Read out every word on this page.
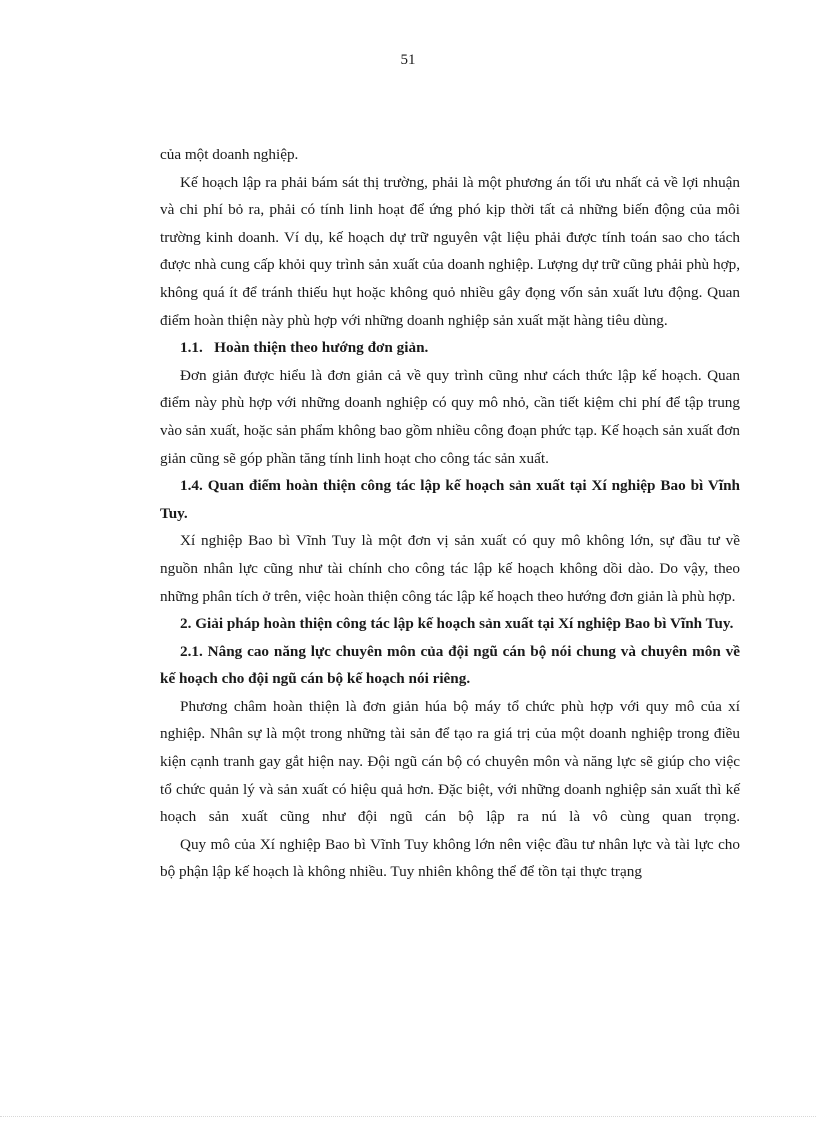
51

của một doanh nghiệp.

Kế hoạch lập ra phải bám sát thị trường, phải là một phương án tối ưu nhất cả về lợi nhuận và chi phí bỏ ra, phải có tính linh hoạt để ứng phó kịp thời tất cả những biến động của môi trường kinh doanh. Ví dụ, kế hoạch dự trữ nguyên vật liệu phải được tính toán sao cho tách được nhà cung cấp khỏi quy trình sản xuất của doanh nghiệp. Lượng dự trữ cũng phải phù hợp, không quá ít để tránh thiếu hụt hoặc không quỏ nhiều gây đọng vốn sản xuất lưu động. Quan điểm hoàn thiện này phù hợp với những doanh nghiệp sản xuất mặt hàng tiêu dùng.

1.1.   Hoàn thiện theo hướng đơn giản.

Đơn giản được hiểu là đơn giản cả về quy trình cũng như cách thức lập kế hoạch. Quan điểm này phù hợp với những doanh nghiệp có quy mô nhỏ, cần tiết kiệm chi phí để tập trung vào sản xuất, hoặc sản phẩm không bao gồm nhiều công đoạn phức tạp. Kế hoạch sản xuất đơn giản cũng sẽ góp phần tăng tính linh hoạt cho công tác sản xuất.

1.4. Quan điểm hoàn thiện công tác lập kế hoạch sản xuất tại Xí nghiệp Bao bì Vĩnh Tuy.

Xí nghiệp Bao bì Vĩnh Tuy là một đơn vị sản xuất có quy mô không lớn, sự đầu tư về nguồn nhân lực cũng như tài chính cho công tác lập kế hoạch không dồi dào. Do vậy, theo những phân tích ở trên, việc hoàn thiện công tác lập kế hoạch theo hướng đơn giản là phù hợp.

2. Giải pháp hoàn thiện công tác lập kế hoạch sản xuất tại Xí nghiệp Bao bì Vĩnh Tuy.

2.1. Nâng cao năng lực chuyên môn của đội ngũ cán bộ nói chung và chuyên môn về kế hoạch cho đội ngũ cán bộ kế hoạch nói riêng.

Phương châm hoàn thiện là đơn giản húa bộ máy tổ chức phù hợp với quy mô của xí nghiệp. Nhân sự là một trong những tài sản để tạo ra giá trị của một doanh nghiệp trong điều kiện cạnh tranh gay gắt hiện nay. Đội ngũ cán bộ có chuyên môn và năng lực sẽ giúp cho việc tổ chức quản lý và sản xuất có hiệu quả hơn. Đặc biệt, với những doanh nghiệp sản xuất thì kế hoạch sản xuất cũng như đội ngũ cán bộ lập ra nú là vô cùng quan trọng.

Quy mô của Xí nghiệp Bao bì Vĩnh Tuy không lớn nên việc đầu tư nhân lực và tài lực cho bộ phận lập kế hoạch là không nhiều. Tuy nhiên không thể để tồn tại thực trạng
